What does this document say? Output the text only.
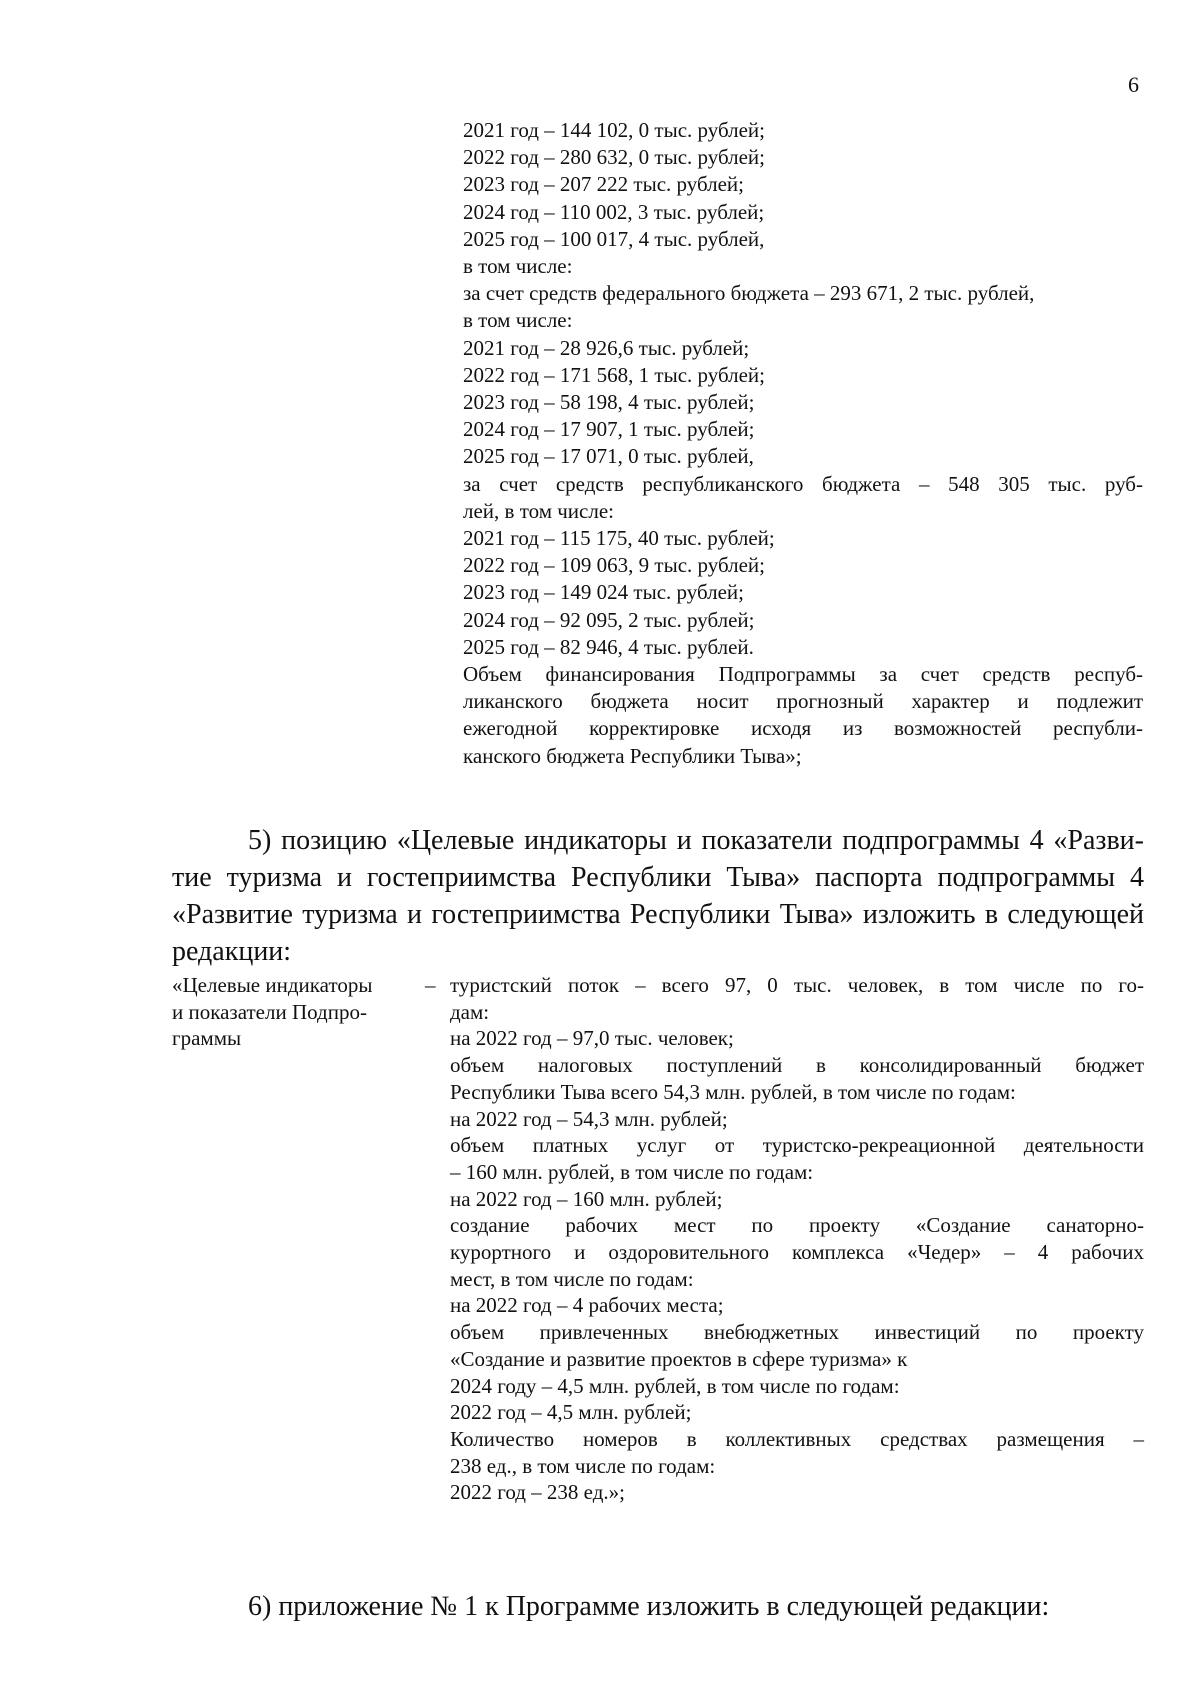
6
2021 год – 144 102, 0 тыс. рублей;
2022 год – 280 632, 0 тыс. рублей;
2023 год – 207 222 тыс. рублей;
2024 год – 110 002, 3 тыс. рублей;
2025 год – 100 017, 4 тыс. рублей,
в том числе:
за счет средств федерального бюджета – 293 671, 2 тыс. рублей,
в том числе:
2021 год – 28 926,6 тыс. рублей;
2022 год – 171 568, 1 тыс. рублей;
2023 год – 58 198, 4 тыс. рублей;
2024 год – 17 907, 1 тыс. рублей;
2025 год – 17 071, 0 тыс. рублей,
за счет средств республиканского бюджета – 548 305 тыс. руб-
лей, в том числе:
2021 год – 115 175, 40 тыс. рублей;
2022 год – 109 063, 9 тыс. рублей;
2023 год – 149 024 тыс. рублей;
2024 год – 92 095, 2 тыс. рублей;
2025 год – 82 946, 4 тыс. рублей.
Объем финансирования Подпрограммы за счет средств респуб-
ликанского бюджета носит прогнозный характер и подлежит
ежегодной корректировке исходя из возможностей республи-
канского бюджета Республики Тыва»;
5) позицию «Целевые индикаторы и показатели подпрограммы 4 «Разви-
тие туризма и гостеприимства Республики Тыва» паспорта подпрограммы 4
«Развитие туризма и гостеприимства Республики Тыва» изложить в следующей
редакции:
«Целевые индикаторы
и показатели Подпро-
граммы
– туристский поток – всего 97, 0 тыс. человек, в том числе по го-
дам:
на 2022 год – 97,0 тыс. человек;
объем налоговых поступлений в консолидированный бюджет
Республики Тыва всего 54,3 млн. рублей, в том числе по годам:
на 2022 год – 54,3 млн. рублей;
объем платных услуг от туристско-рекреационной деятельности
– 160 млн. рублей, в том числе по годам:
на 2022 год – 160 млн. рублей;
создание рабочих мест по проекту «Создание санаторно-
курортного и оздоровительного комплекса «Чедер» – 4 рабочих
мест, в том числе по годам:
на 2022 год – 4 рабочих места;
объем привлеченных внебюджетных инвестиций по проекту
«Создание и развитие проектов в сфере туризма» к
2024 году – 4,5 млн. рублей, в том числе по годам:
2022 год – 4,5 млн. рублей;
Количество номеров в коллективных средствах размещения –
238 ед., в том числе по годам:
2022 год – 238 ед.»;
6) приложение № 1 к Программе изложить в следующей редакции:
